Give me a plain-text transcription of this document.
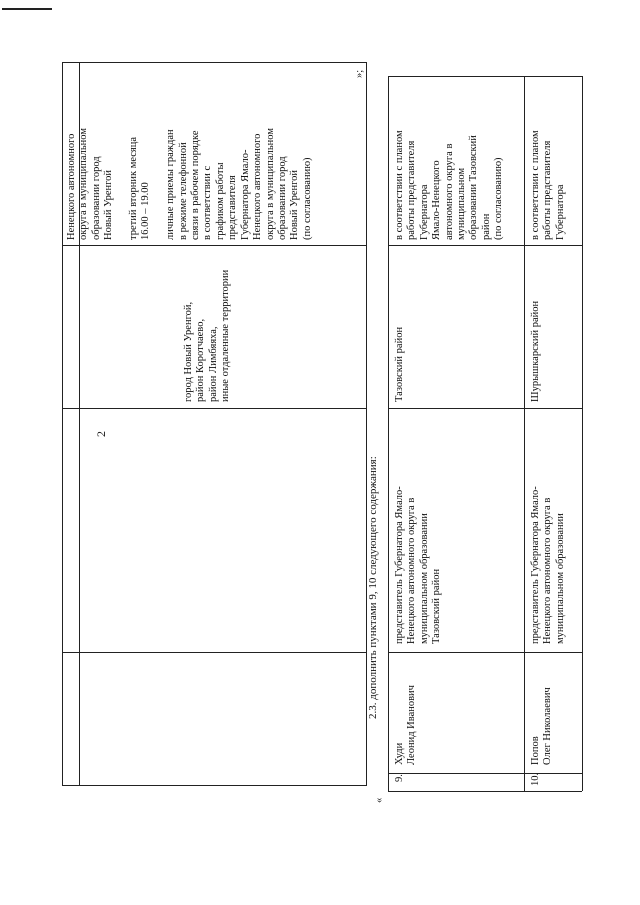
2
Ненецкого автономного
округа в муниципальном
образовании город
Новый Уренгой

третий вторник месяца
16.00 – 19.00

личные приемы граждан
в режиме телефонной
связи в рабочем порядке
в соответствии с
графиком работы
представителя
Губернатора Ямало-
Ненецкого автономного
округа в муниципальном
образовании город
Новый Уренгой
(по согласованию)
город Новый Уренгой,
район Коротчаево,
район Лимбяяха,
иные отдаленные территории
»;
2.3. дополнить пунктами 9, 10 следующего содержания:
«
9.
Худи
Леонид Иванович
представитель Губернатора Ямало-
Ненецкого автономного округа в
муниципальном образовании
Тазовский район
Тазовский район
в соответствии с планом
работы представителя
Губернатора
Ямало-Ненецкого
автономного округа в
муниципальном
образовании Тазовский
район
(по согласованию)
10.
Попов
Олег Николаевич
представитель Губернатора Ямало-
Ненецкого автономного округа в
муниципальном образовании
Шурышкарский район
в соответствии с планом
работы представителя
Губернатора
